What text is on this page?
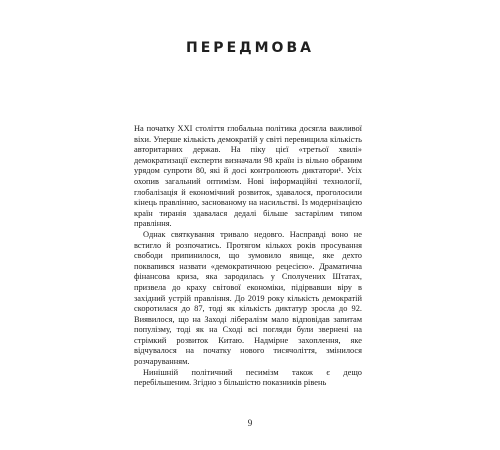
ПЕРЕДМОВА

На початку XXI століття глобальна політика досягла важливої віхи. Уперше кількість демократій у світі перевищила кількість авторитарних держав. На піку цієї «третьої хвилі» демократизації експерти визначали 98 країн із вільно обраним урядом супроти 80, які й досі контролюють диктатори¹. Усіх охопив загальний оптимізм. Нові інформаційні технології, глобалізація й економічний розвиток, здавалося, проголосили кінець правлінню, заснованому на насильстві. Із модернізацією країн тиранія здавалася дедалі більше застарілим типом правління.

Однак святкування тривало недовго. Насправді воно не встигло й розпочатись. Протягом кількох років просування свободи припинилося, що зумовило явище, яке дехто поквапився назвати «демократичною рецесією». Драматична фінансова криза, яка зародилась у Сполучених Штатах, призвела до краху світової економіки, підірвавши віру в західний устрій правління. До 2019 року кількість демократій скоротилася до 87, тоді як кількість диктатур зросла до 92. Виявилося, що на Заході лібералізм мало відповідав запитам популізму, тоді як на Сході всі погляди були звернені на стрімкий розвиток Китаю. Надмірне захоплення, яке відчувалося на початку нового тисячоліття, змінилося розчаруванням.

Нинішній політичний песимізм також є дещо перебільшеним. Згідно з більшістю показників рівень

9
